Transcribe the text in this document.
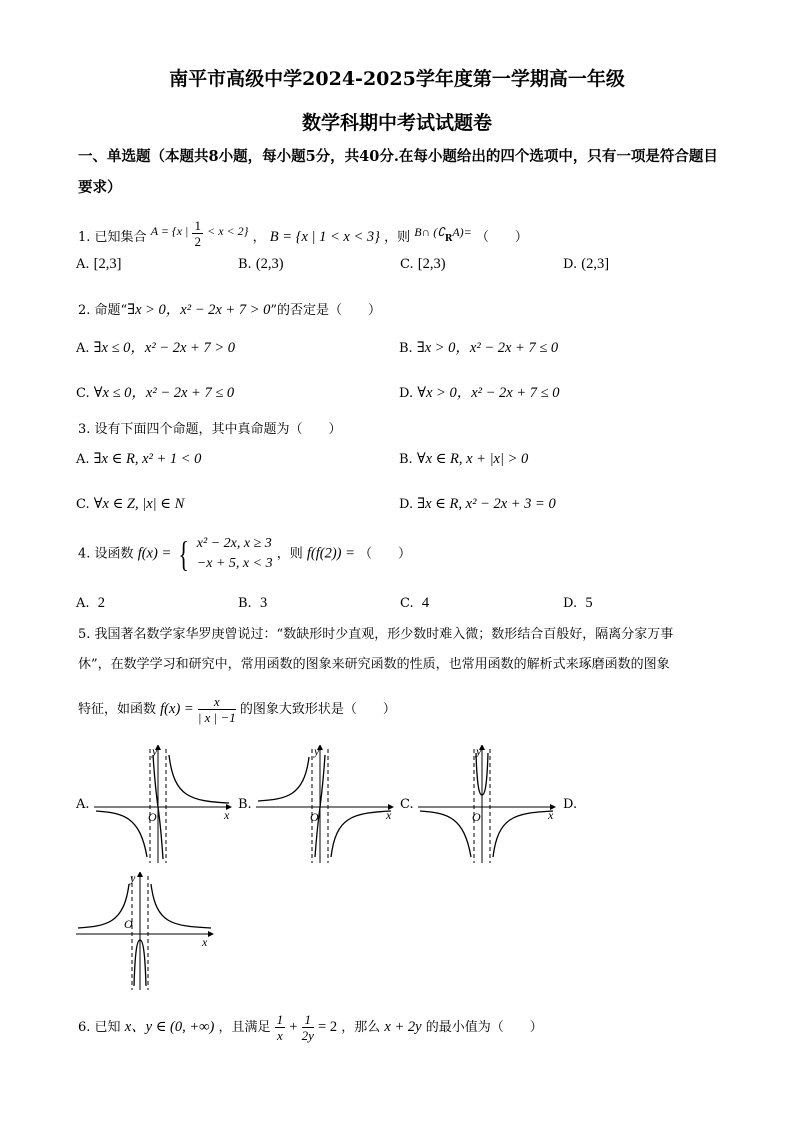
南平市高级中学2024-2025学年度第一学期高一年级
数学科期中考试试题卷
一、单选题（本题共8小题，每小题5分，共40分.在每小题给出的四个选项中，只有一项是符合题目要求）
1. 已知集合 A = {x | $\frac{1}{2} < x < 2$} ， B = {x | 1 < x < 3} ，则 B∩ $(∁_RA)=$ （　　）
A. [2,3]	B. (2,3)	C. [2,3)	D. (2,3]
2. 命题“∃x > 0，x² − 2x + 7 > 0”的否定是（　　）
A. ∃x ≤ 0，x² − 2x + 7 > 0	B. ∃x > 0，x² − 2x + 7 ≤ 0
C. ∀x ≤ 0，x² − 2x + 7 ≤ 0	D. ∀x > 0，x² − 2x + 7 ≤ 0
3. 设有下面四个命题，其中真命题为（　　）
A. ∃x ∈ R, x² + 1 < 0	B. ∀x ∈ R, x + |x| > 0
C. ∀x ∈ Z, |x| ∈ N	D. ∃x ∈ R, x² − 2x + 3 = 0
4. 设函数 f(x) = { x² − 2x, x ≥ 3
−x + 5, x < 3
，则 f(f(2)) = （　　）
A. 2	B. 3	C. 4	D. 5
5. 我国著名数学家华罗庚曾说过：“数缺形时少直观，形少数时难入微；数形结合百般好，隔离分家万事
休”，在数学学习和研究中，常用函数的图象来研究函数的性质，也常用函数的解析式来琢磨函数的图象
特征，如函数 $f(x) = \frac{x}{| x | -1}$ 的图象大致形状是（　　）
A.	B.	C.	D.
O	x
y
O	x
y
O	x
y
O
x
y
6. 已知 x、y ∈ (0, +∞) ，且满足 $\frac{1}{x} + \frac{1}{2y} = 2$ ，那么 x + 2y 的最小值为（　　）
